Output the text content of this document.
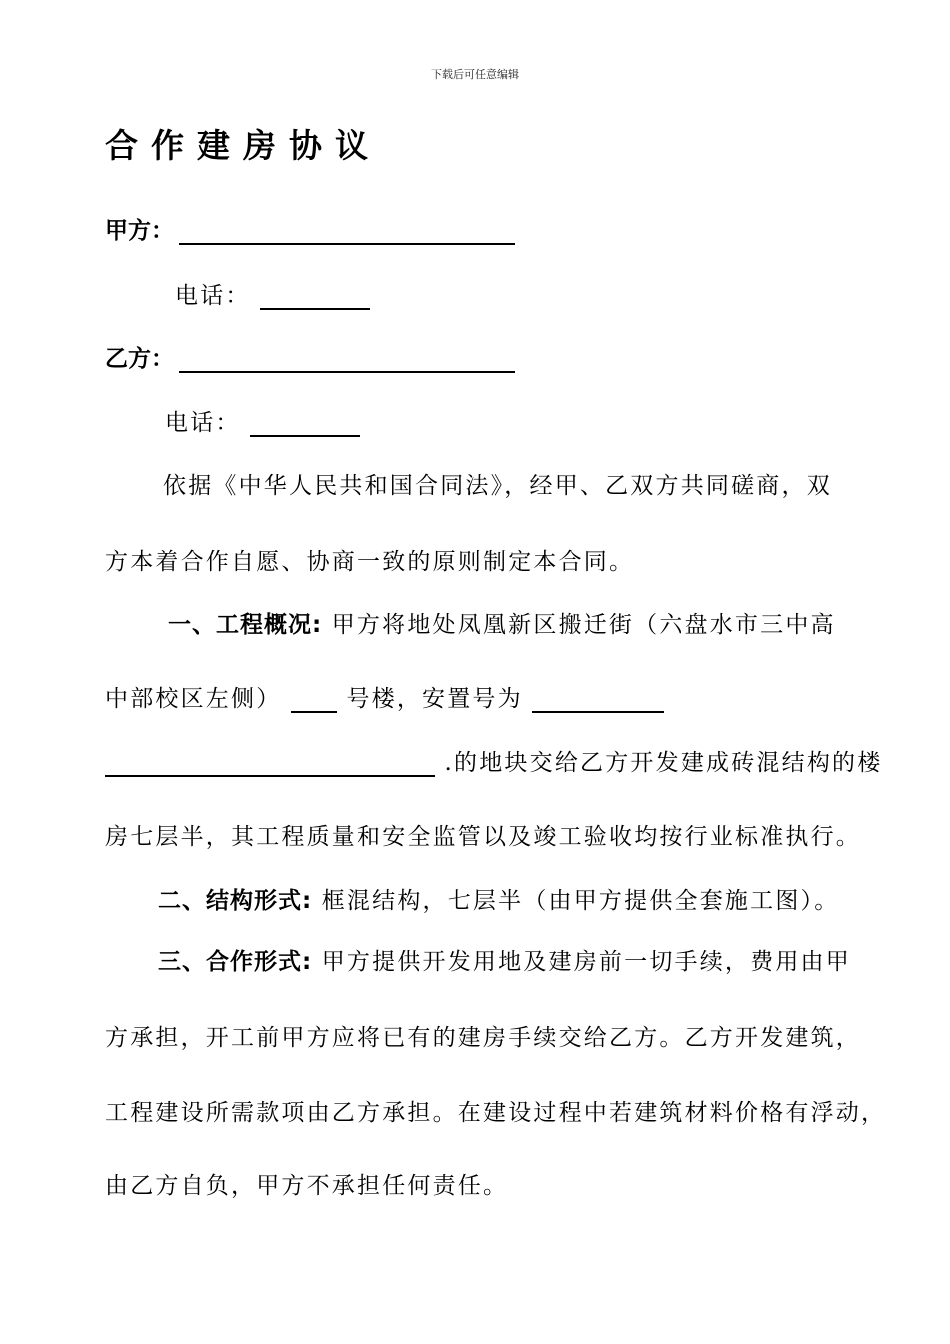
下载后可任意编辑
合作建房协议
甲方：
电话：
乙方：
电话：
依据《中华人民共和国合同法》，经甲、乙双方共同磋商，双
方本着合作自愿、协商一致的原则制定本合同。
一、工程概况: 甲方将地处凤凰新区搬迁街（六盘水市三中高
中部校区左侧）	号楼，安置号为
.的地块交给乙方开发建成砖混结构的楼
房七层半，其工程质量和安全监管以及竣工验收均按行业标准执行。
二、结构形式: 框混结构，七层半（由甲方提供全套施工图）。
三、合作形式: 甲方提供开发用地及建房前一切手续，费用由甲
方承担，开工前甲方应将已有的建房手续交给乙方。乙方开发建筑，
工程建设所需款项由乙方承担。在建设过程中若建筑材料价格有浮动，
由乙方自负，甲方不承担任何责任。
